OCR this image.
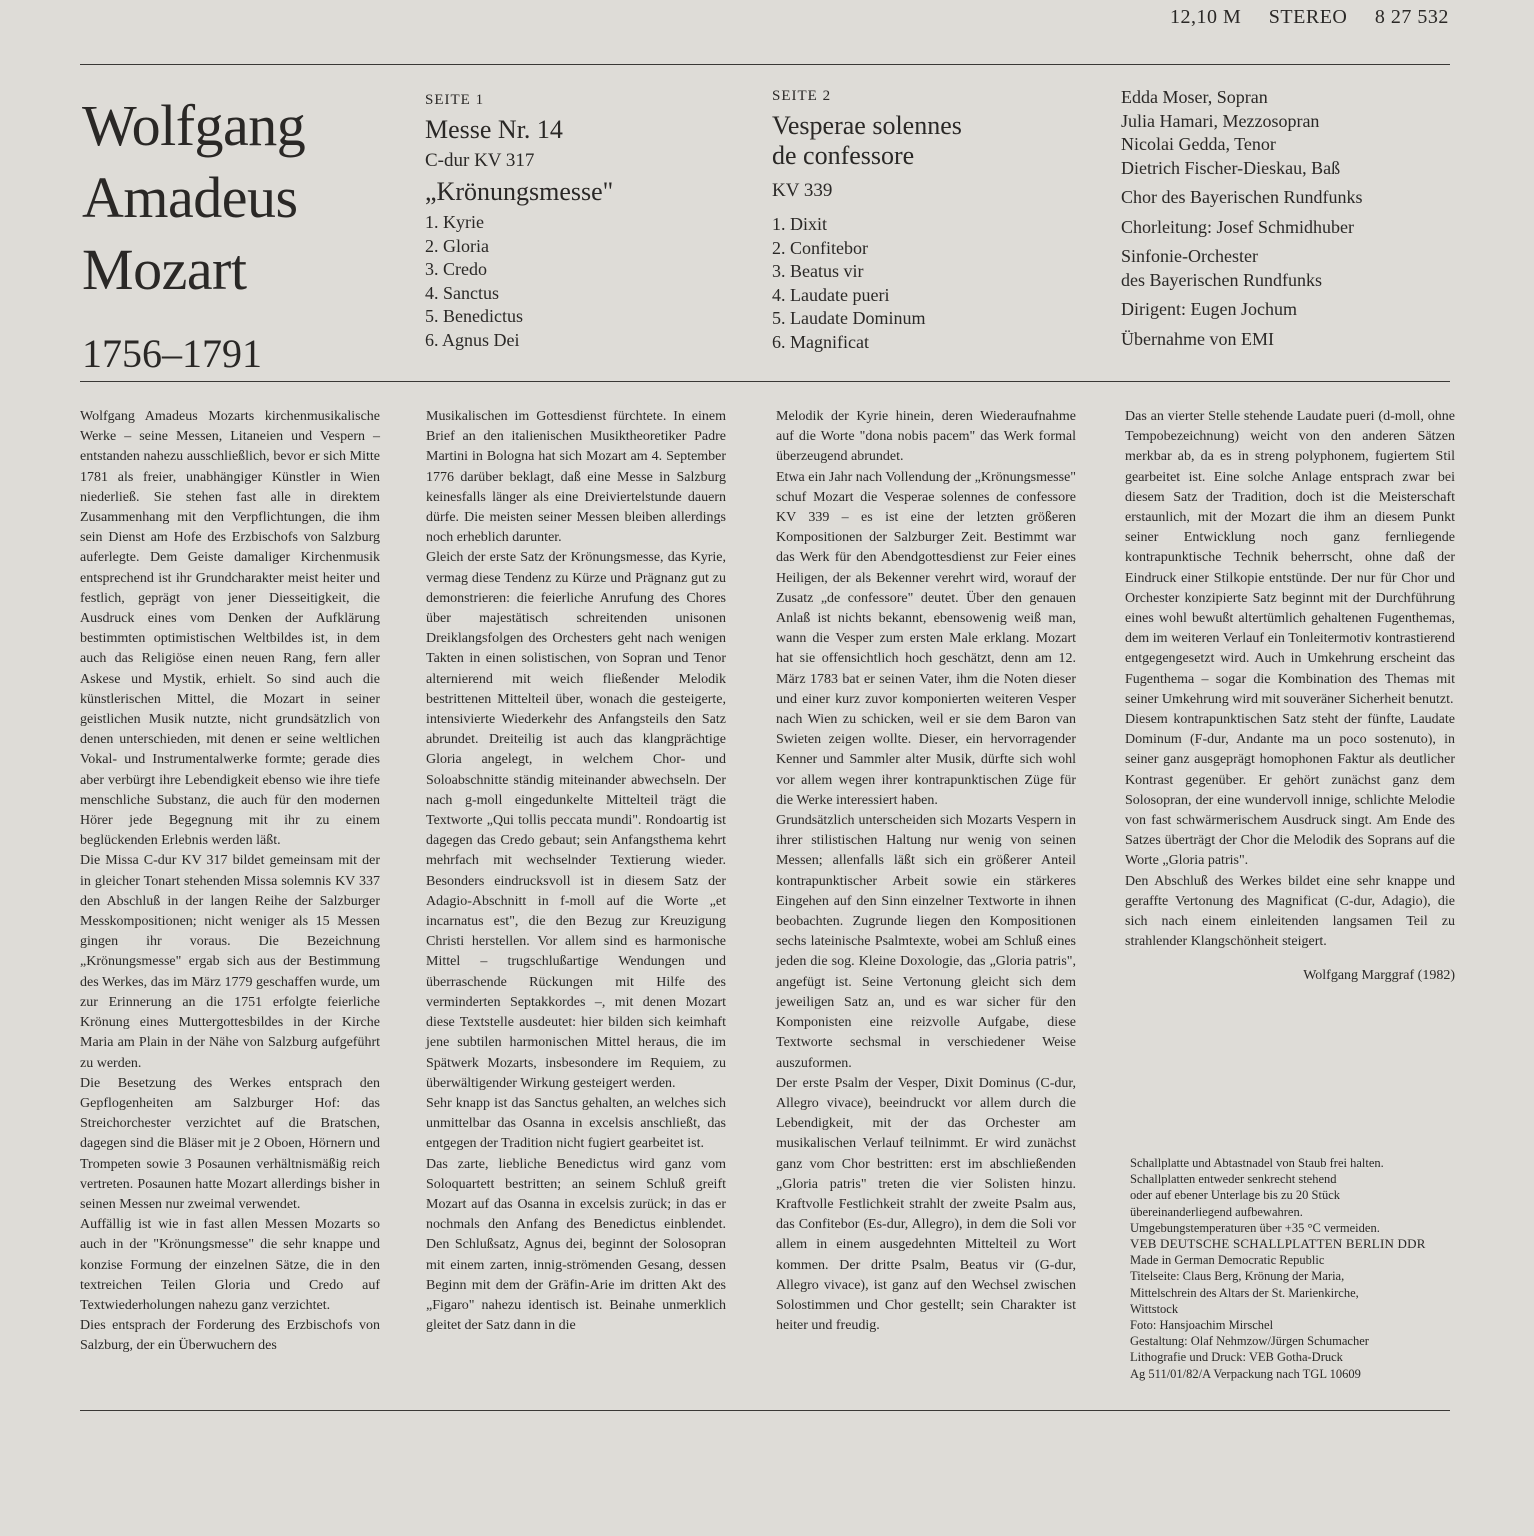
12,10 M STEREO 8 27 532
Wolfgang
Amadeus
Mozart
1756–1791
SEITE 1
Messe Nr. 14
C-dur KV 317
„Krönungsmesse"
1. Kyrie
2. Gloria
3. Credo
4. Sanctus
5. Benedictus
6. Agnus Dei
SEITE 2
Vesperae solennes
de confessore
KV 339
1. Dixit
2. Confitebor
3. Beatus vir
4. Laudate pueri
5. Laudate Dominum
6. Magnificat
Edda Moser, Sopran
Julia Hamari, Mezzosopran
Nicolai Gedda, Tenor
Dietrich Fischer-Dieskau, Baß
Chor des Bayerischen Rundfunks
Chorleitung: Josef Schmidhuber
Sinfonie-Orchester
des Bayerischen Rundfunks
Dirigent: Eugen Jochum
Übernahme von EMI

Wolfgang Amadeus Mozarts kirchenmusikalische Werke – seine Messen, Litaneien und Vespern – entstanden nahezu ausschließlich, bevor er sich Mitte 1781 als freier, unabhängiger Künstler in Wien niederließ. Sie stehen fast alle in direktem Zusammenhang mit den Verpflichtungen, die ihm sein Dienst am Hofe des Erzbischofs von Salzburg auferlegte. Dem Geiste damaliger Kirchenmusik entsprechend ist ihr Grundcharakter meist heiter und festlich, geprägt von jener Diesseitigkeit, die Ausdruck eines vom Denken der Aufklärung bestimmten optimistischen Weltbildes ist, in dem auch das Religiöse einen neuen Rang, fern aller Askese und Mystik, erhielt. So sind auch die künstlerischen Mittel, die Mozart in seiner geistlichen Musik nutzte, nicht grundsätzlich von denen unterschieden, mit denen er seine weltlichen Vokal- und Instrumentalwerke formte; gerade dies aber verbürgt ihre Lebendigkeit ebenso wie ihre tiefe menschliche Substanz, die auch für den modernen Hörer jede Begegnung mit ihr zu einem beglückenden Erlebnis werden läßt.

Die Missa C-dur KV 317 bildet gemeinsam mit der in gleicher Tonart stehenden Missa solemnis KV 337 den Abschluß in der langen Reihe der Salzburger Messkompositionen; nicht weniger als 15 Messen gingen ihr voraus. Die Bezeichnung „Krönungsmesse" ergab sich aus der Bestimmung des Werkes, das im März 1779 geschaffen wurde, um zur Erinnerung an die 1751 erfolgte feierliche Krönung eines Muttergottesbildes in der Kirche Maria am Plain in der Nähe von Salzburg aufgeführt zu werden.

Die Besetzung des Werkes entsprach den Gepflogenheiten am Salzburger Hof: das Streichorchester verzichtet auf die Bratschen, dagegen sind die Bläser mit je 2 Oboen, Hörnern und Trompeten sowie 3 Posaunen verhältnismäßig reich vertreten. Posaunen hatte Mozart allerdings bisher in seinen Messen nur zweimal verwendet.

Auffällig ist wie in fast allen Messen Mozarts so auch in der "Krönungsmesse" die sehr knappe und konzise Formung der einzelnen Sätze, die in den textreichen Teilen Gloria und Credo auf Textwiederholungen nahezu ganz verzichtet.

Dies entsprach der Forderung des Erzbischofs von Salzburg, der ein Überwuchern des

Musikalischen im Gottesdienst fürchtete. In einem Brief an den italienischen Musiktheoretiker Padre Martini in Bologna hat sich Mozart am 4. September 1776 darüber beklagt, daß eine Messe in Salzburg keinesfalls länger als eine Dreiviertelstunde dauern dürfe. Die meisten seiner Messen bleiben allerdings noch erheblich darunter.

Gleich der erste Satz der Krönungsmesse, das Kyrie, vermag diese Tendenz zu Kürze und Prägnanz gut zu demonstrieren: die feierliche Anrufung des Chores über majestätisch schreitenden unisonen Dreiklangsfolgen des Orchesters geht nach wenigen Takten in einen solistischen, von Sopran und Tenor alternierend mit weich fließender Melodik bestrittenen Mittelteil über, wonach die gesteigerte, intensivierte Wiederkehr des Anfangsteils den Satz abrundet. Dreiteilig ist auch das klangprächtige Gloria angelegt, in welchem Chor- und Soloabschnitte ständig miteinander abwechseln. Der nach g-moll eingedunkelte Mittelteil trägt die Textworte „Qui tollis peccata mundi". Rondoartig ist dagegen das Credo gebaut; sein Anfangsthema kehrt mehrfach mit wechselnder Textierung wieder. Besonders eindrucksvoll ist in diesem Satz der Adagio-Abschnitt in f-moll auf die Worte „et incarnatus est", die den Bezug zur Kreuzigung Christi herstellen. Vor allem sind es harmonische Mittel – trugschlußartige Wendungen und überraschende Rückungen mit Hilfe des verminderten Septakkordes –, mit denen Mozart diese Textstelle ausdeutet: hier bilden sich keimhaft jene subtilen harmonischen Mittel heraus, die im Spätwerk Mozarts, insbesondere im Requiem, zu überwältigender Wirkung gesteigert werden.

Sehr knapp ist das Sanctus gehalten, an welches sich unmittelbar das Osanna in excelsis anschließt, das entgegen der Tradition nicht fugiert gearbeitet ist.

Das zarte, liebliche Benedictus wird ganz vom Soloquartett bestritten; an seinem Schluß greift Mozart auf das Osanna in excelsis zurück; in das er nochmals den Anfang des Benedictus einblendet. Den Schlußsatz, Agnus dei, beginnt der Solosopran mit einem zarten, innig-strömenden Gesang, dessen Beginn mit dem der Gräfin-Arie im dritten Akt des „Figaro" nahezu identisch ist. Beinahe unmerklich gleitet der Satz dann in die

Melodik der Kyrie hinein, deren Wiederaufnahme auf die Worte "dona nobis pacem" das Werk formal überzeugend abrundet.

Etwa ein Jahr nach Vollendung der „Krönungsmesse" schuf Mozart die Vesperae solennes de confessore KV 339 – es ist eine der letzten größeren Kompositionen der Salzburger Zeit. Bestimmt war das Werk für den Abendgottesdienst zur Feier eines Heiligen, der als Bekenner verehrt wird, worauf der Zusatz „de confessore" deutet. Über den genauen Anlaß ist nichts bekannt, ebensowenig weiß man, wann die Vesper zum ersten Male erklang. Mozart hat sie offensichtlich hoch geschätzt, denn am 12. März 1783 bat er seinen Vater, ihm die Noten dieser und einer kurz zuvor komponierten weiteren Vesper nach Wien zu schicken, weil er sie dem Baron van Swieten zeigen wollte. Dieser, ein hervorragender Kenner und Sammler alter Musik, dürfte sich wohl vor allem wegen ihrer kontrapunktischen Züge für die Werke interessiert haben.

Grundsätzlich unterscheiden sich Mozarts Vespern in ihrer stilistischen Haltung nur wenig von seinen Messen; allenfalls läßt sich ein größerer Anteil kontrapunktischer Arbeit sowie ein stärkeres Eingehen auf den Sinn einzelner Textworte in ihnen beobachten. Zugrunde liegen den Kompositionen sechs lateinische Psalmtexte, wobei am Schluß eines jeden die sog. Kleine Doxologie, das „Gloria patris", angefügt ist. Seine Vertonung gleicht sich dem jeweiligen Satz an, und es war sicher für den Komponisten eine reizvolle Aufgabe, diese Textworte sechsmal in verschiedener Weise auszuformen.

Der erste Psalm der Vesper, Dixit Dominus (C-dur, Allegro vivace), beeindruckt vor allem durch die Lebendigkeit, mit der das Orchester am musikalischen Verlauf teilnimmt. Er wird zunächst ganz vom Chor bestritten: erst im abschließenden „Gloria patris" treten die vier Solisten hinzu. Kraftvolle Festlichkeit strahlt der zweite Psalm aus, das Confitebor (Es-dur, Allegro), in dem die Soli vor allem in einem ausgedehnten Mittelteil zu Wort kommen. Der dritte Psalm, Beatus vir (G-dur, Allegro vivace), ist ganz auf den Wechsel zwischen Solostimmen und Chor gestellt; sein Charakter ist heiter und freudig.

Das an vierter Stelle stehende Laudate pueri (d-moll, ohne Tempobezeichnung) weicht von den anderen Sätzen merkbar ab, da es in streng polyphonem, fugiertem Stil gearbeitet ist. Eine solche Anlage entsprach zwar bei diesem Satz der Tradition, doch ist die Meisterschaft erstaunlich, mit der Mozart die ihm an diesem Punkt seiner Entwicklung noch ganz fernliegende kontrapunktische Technik beherrscht, ohne daß der Eindruck einer Stilkopie entstünde. Der nur für Chor und Orchester konzipierte Satz beginnt mit der Durchführung eines wohl bewußt altertümlich gehaltenen Fugenthemas, dem im weiteren Verlauf ein Tonleitermotiv kontrastierend entgegengesetzt wird. Auch in Umkehrung erscheint das Fugenthema – sogar die Kombination des Themas mit seiner Umkehrung wird mit souveräner Sicherheit benutzt.

Diesem kontrapunktischen Satz steht der fünfte, Laudate Dominum (F-dur, Andante ma un poco sostenuto), in seiner ganz ausgeprägt homophonen Faktur als deutlicher Kontrast gegenüber. Er gehört zunächst ganz dem Solosopran, der eine wundervoll innige, schlichte Melodie von fast schwärmerischem Ausdruck singt. Am Ende des Satzes überträgt der Chor die Melodik des Soprans auf die Worte „Gloria patris".

Den Abschluß des Werkes bildet eine sehr knappe und geraffte Vertonung des Magnificat (C-dur, Adagio), die sich nach einem einleitenden langsamen Teil zu strahlender Klangschönheit steigert.

Wolfgang Marggraf (1982)

Schallplatte und Abtastnadel von Staub frei halten.
Schallplatten entweder senkrecht stehend
oder auf ebener Unterlage bis zu 20 Stück
übereinanderliegend aufbewahren.
Umgebungstemperaturen über +35 °C vermeiden.
VEB DEUTSCHE SCHALLPLATTEN BERLIN DDR
Made in German Democratic Republic
Titelseite: Claus Berg, Krönung der Maria,
Mittelschrein des Altars der St. Marienkirche,
Wittstock
Foto: Hansjoachim Mirschel
Gestaltung: Olaf Nehmzow/Jürgen Schumacher
Lithografie und Druck: VEB Gotha-Druck
Ag 511/01/82/A Verpackung nach TGL 10609
